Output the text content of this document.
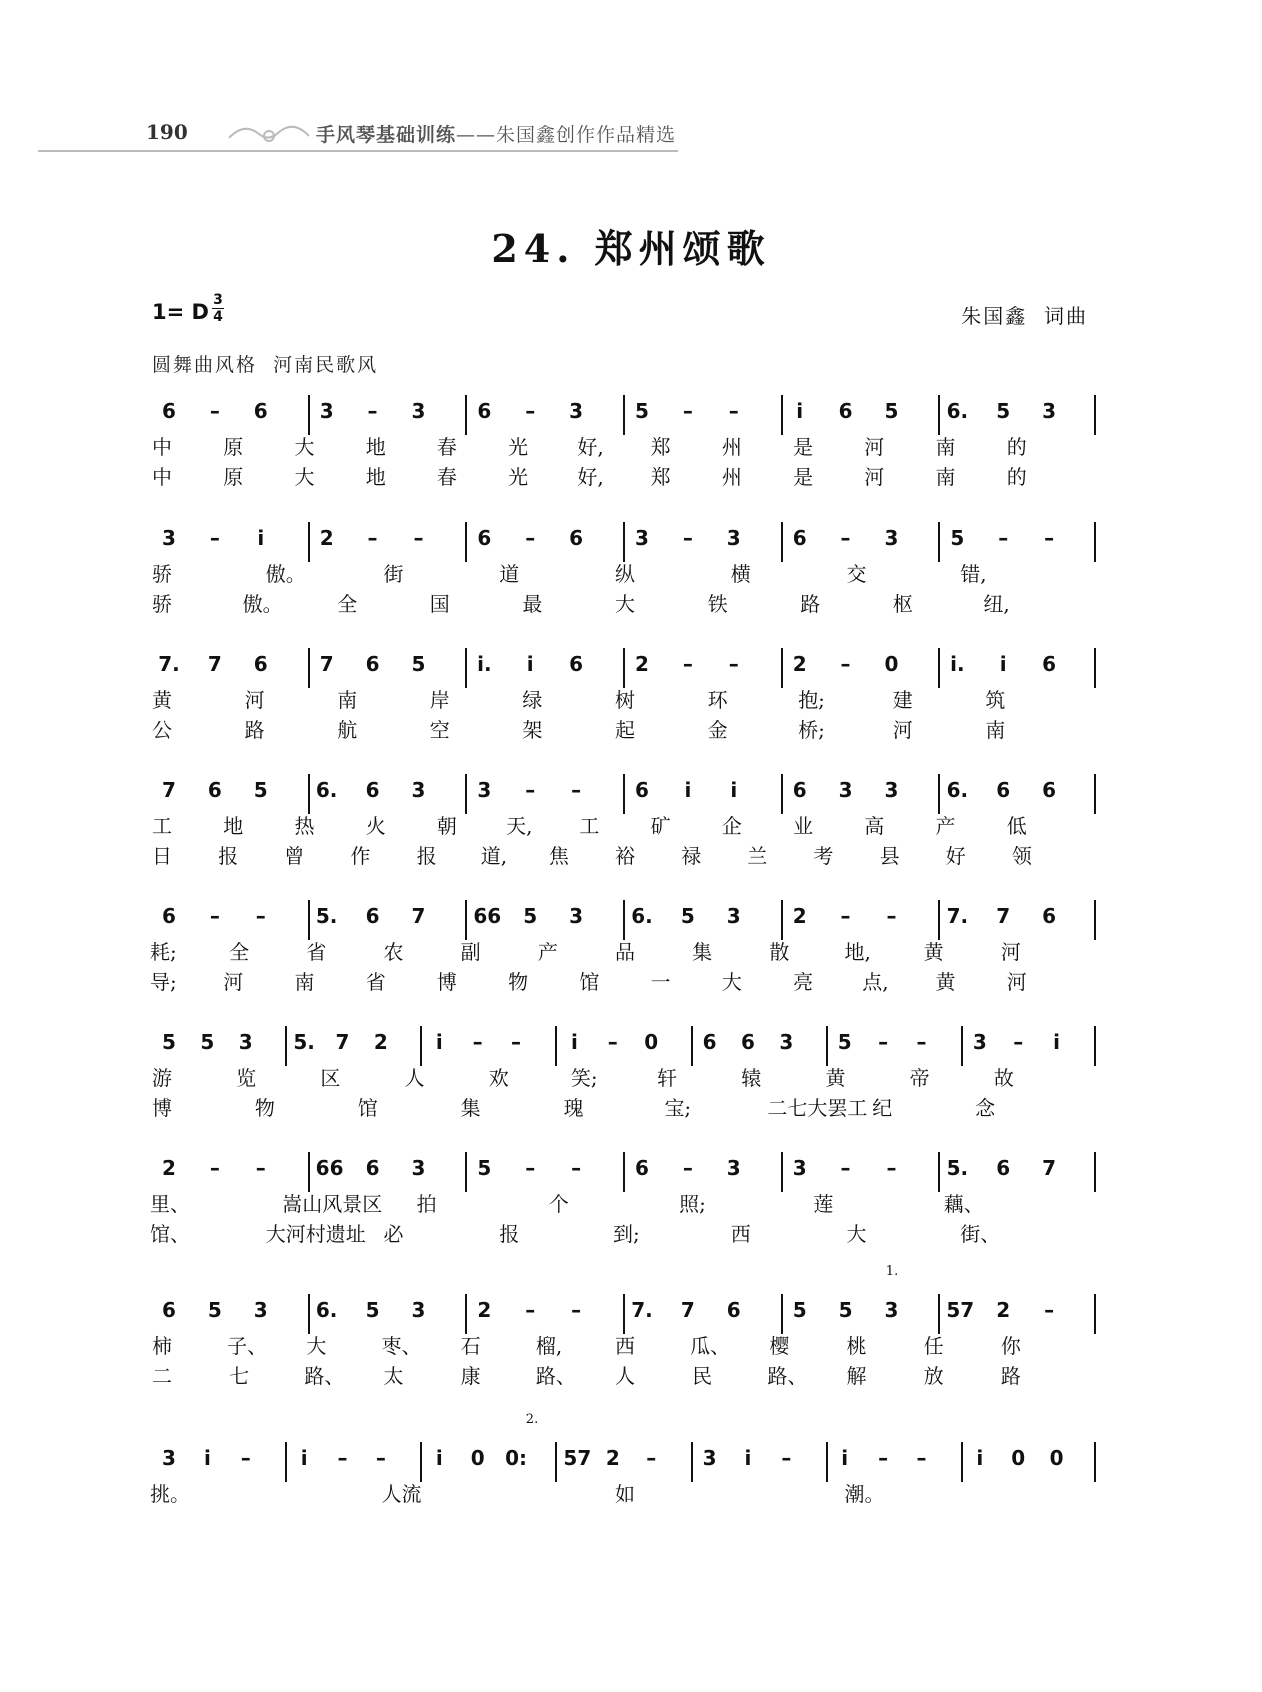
190	手风琴基础训练——朱国鑫创作作品精选
24. 郑州颂歌
1= D 3
4	朱国鑫  词曲
圆舞曲风格  河南民歌风
6	–	6	3	–	3	6	–	3	5	–	–	i	6 5 6. 5 3
中	原	大	地	春	光 好, 郑	州	是	河	南	的
中	原	大	地	春	光 好, 郑	州	是	河	南	的
3	–	i	2	–	–	6	–	6	3	–	3	6	–	3	5	–	–
骄	傲。	街	道	纵	横	交	错,
骄	傲。	全	国	最	大	铁	路	枢	纽,
7. 7 6	7 6 5	i.	i	6	2	–	–	2	–	0	i.	i	6
黄	河	南	岸	绿	树	环	抱;	建	筑
公	路	航	空	架	起	金	桥;	河	南
7 6 5 6. 6 3	3	–	–	6	i	i	6 3 3 6. 6 6
工	地	热	火	朝 天, 工	矿	企	业	高	产	低
日 报 曾 作 报 道, 焦 裕 禄 兰 考 县 好 领
6	–	–	5. 6 7 66 5 3 6. 5 3	2	–	–	7. 7 6
耗;	全	省	农	副	产	品	集	散	地,	黄	河
导; 河	南	省	博	物	馆	一	大	亮 点, 黄	河
5 5 3 5. 7 2	i	–	–	i	–	0 6 6 3 5	–	–	3	–	i
游	览	区	人	欢	笑;	轩	辕	黄	帝	故
博	物	馆	集	瑰	宝;	二七大罢工 纪	念
2	–	–	66 6 3	5	–	–	6	–	3	3	–	–	5. 6 7
里、	嵩山风景区 拍	个	照;	莲	藕、
馆、	大河村遗址 必	报	到;	西	大	街、
6 5 3 6. 5 3	2	–	–	7. 7 6	5 5 3 57 2	–
柿	子、 大	枣、 石	榴,	西	瓜、 樱	桃	任	你
二	七	路、 太	康	路、 人	民	路、 解	放	路
1.
3	i	–	i	–	–	i	0 0: 57 2	–	3	i	–	i	–	–	i	0 0
挑。	人流	如	潮。
2.
